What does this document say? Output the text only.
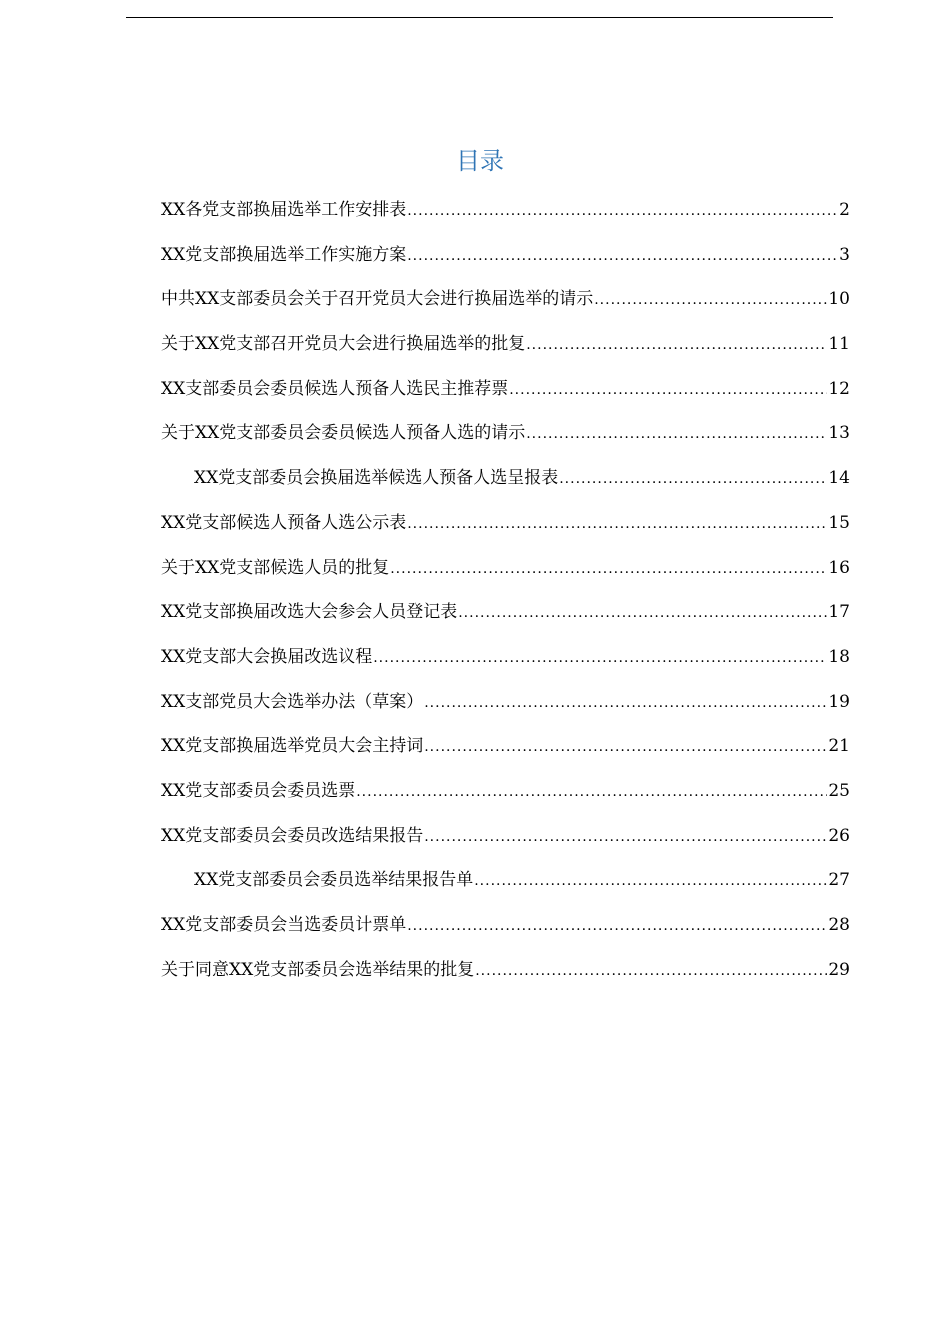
目录
XX各党支部换届选举工作安排表 .....	2
XX党支部换届选举工作实施方案 .....	3
中共XX支部委员会关于召开党员大会进行换届选举的请示 .....	10
关于XX党支部召开党员大会进行换届选举的批复 .....	11
XX支部委员会委员候选人预备人选民主推荐票 .....	12
关于XX党支部委员会委员候选人预备人选的请示 .....	13
XX党支部委员会换届选举候选人预备人选呈报表 .....	14
XX党支部候选人预备人选公示表 .....	15
关于XX党支部候选人员的批复 .....	16
XX党支部换届改选大会参会人员登记表 .....	17
XX党支部大会换届改选议程 .....	18
XX支部党员大会选举办法（草案） .....	19
XX党支部换届选举党员大会主持词 .....	21
XX党支部委员会委员选票 .....	25
XX党支部委员会委员改选结果报告 .....	26
XX党支部委员会委员选举结果报告单 .....	27
XX党支部委员会当选委员计票单 .....	28
关于同意XX党支部委员会选举结果的批复 .....	29
